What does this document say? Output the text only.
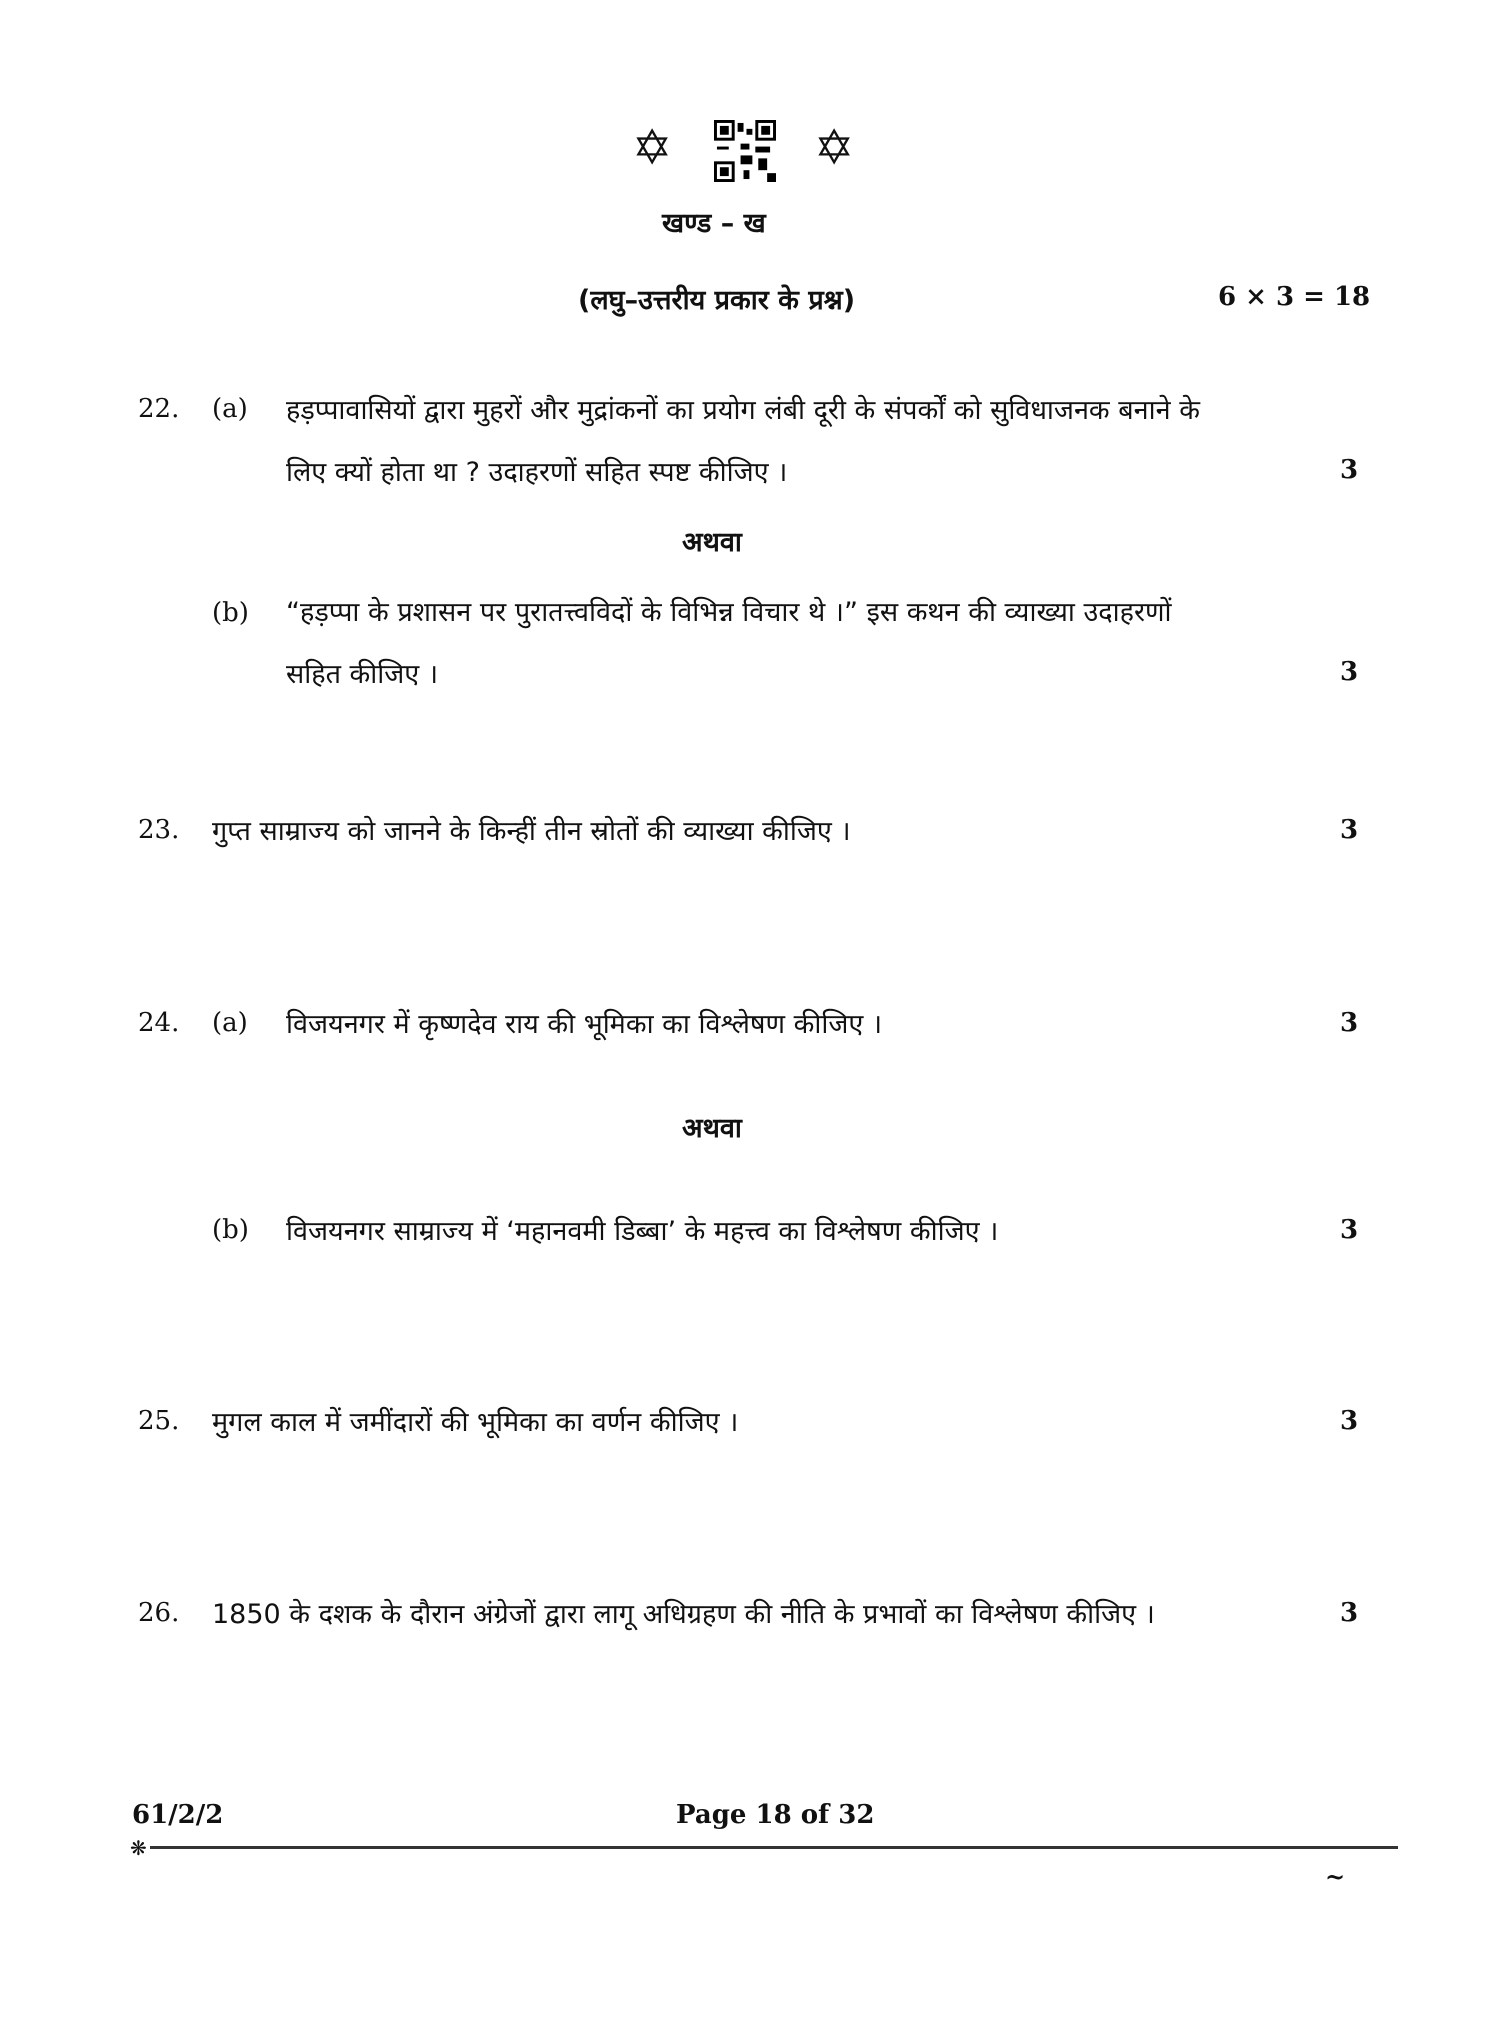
✡	✡
खण्ड – ख
(लघु–उत्तरीय प्रकार के प्रश्न)	6 × 3 = 18
22. (a) हड़प्पावासियों द्वारा मुहरों और मुद्रांकनों का प्रयोग लंबी दूरी के संपर्कों को सुविधाजनक बनाने के
लिए क्यों होता था ? उदाहरणों सहित स्पष्ट कीजिए ।	3
अथवा
(b) “हड़प्पा के प्रशासन पर पुरातत्त्वविदों के विभिन्न विचार थे ।” इस कथन की व्याख्या उदाहरणों
सहित कीजिए ।	3
23. गुप्त साम्राज्य को जानने के किन्हीं तीन स्रोतों की व्याख्या कीजिए ।	3
24. (a) विजयनगर में कृष्णदेव राय की भूमिका का विश्लेषण कीजिए ।	3
अथवा
(b) विजयनगर साम्राज्य में ‘महानवमी डिब्बा’ के महत्त्व का विश्लेषण कीजिए ।	3
25. मुगल काल में जमींदारों की भूमिका का वर्णन कीजिए ।	3
26. 1850 के दशक के दौरान अंग्रेजों द्वारा लागू अधिग्रहण की नीति के प्रभावों का विश्लेषण कीजिए ।	3
61/2/2	Page 18 of 32
❋
~
